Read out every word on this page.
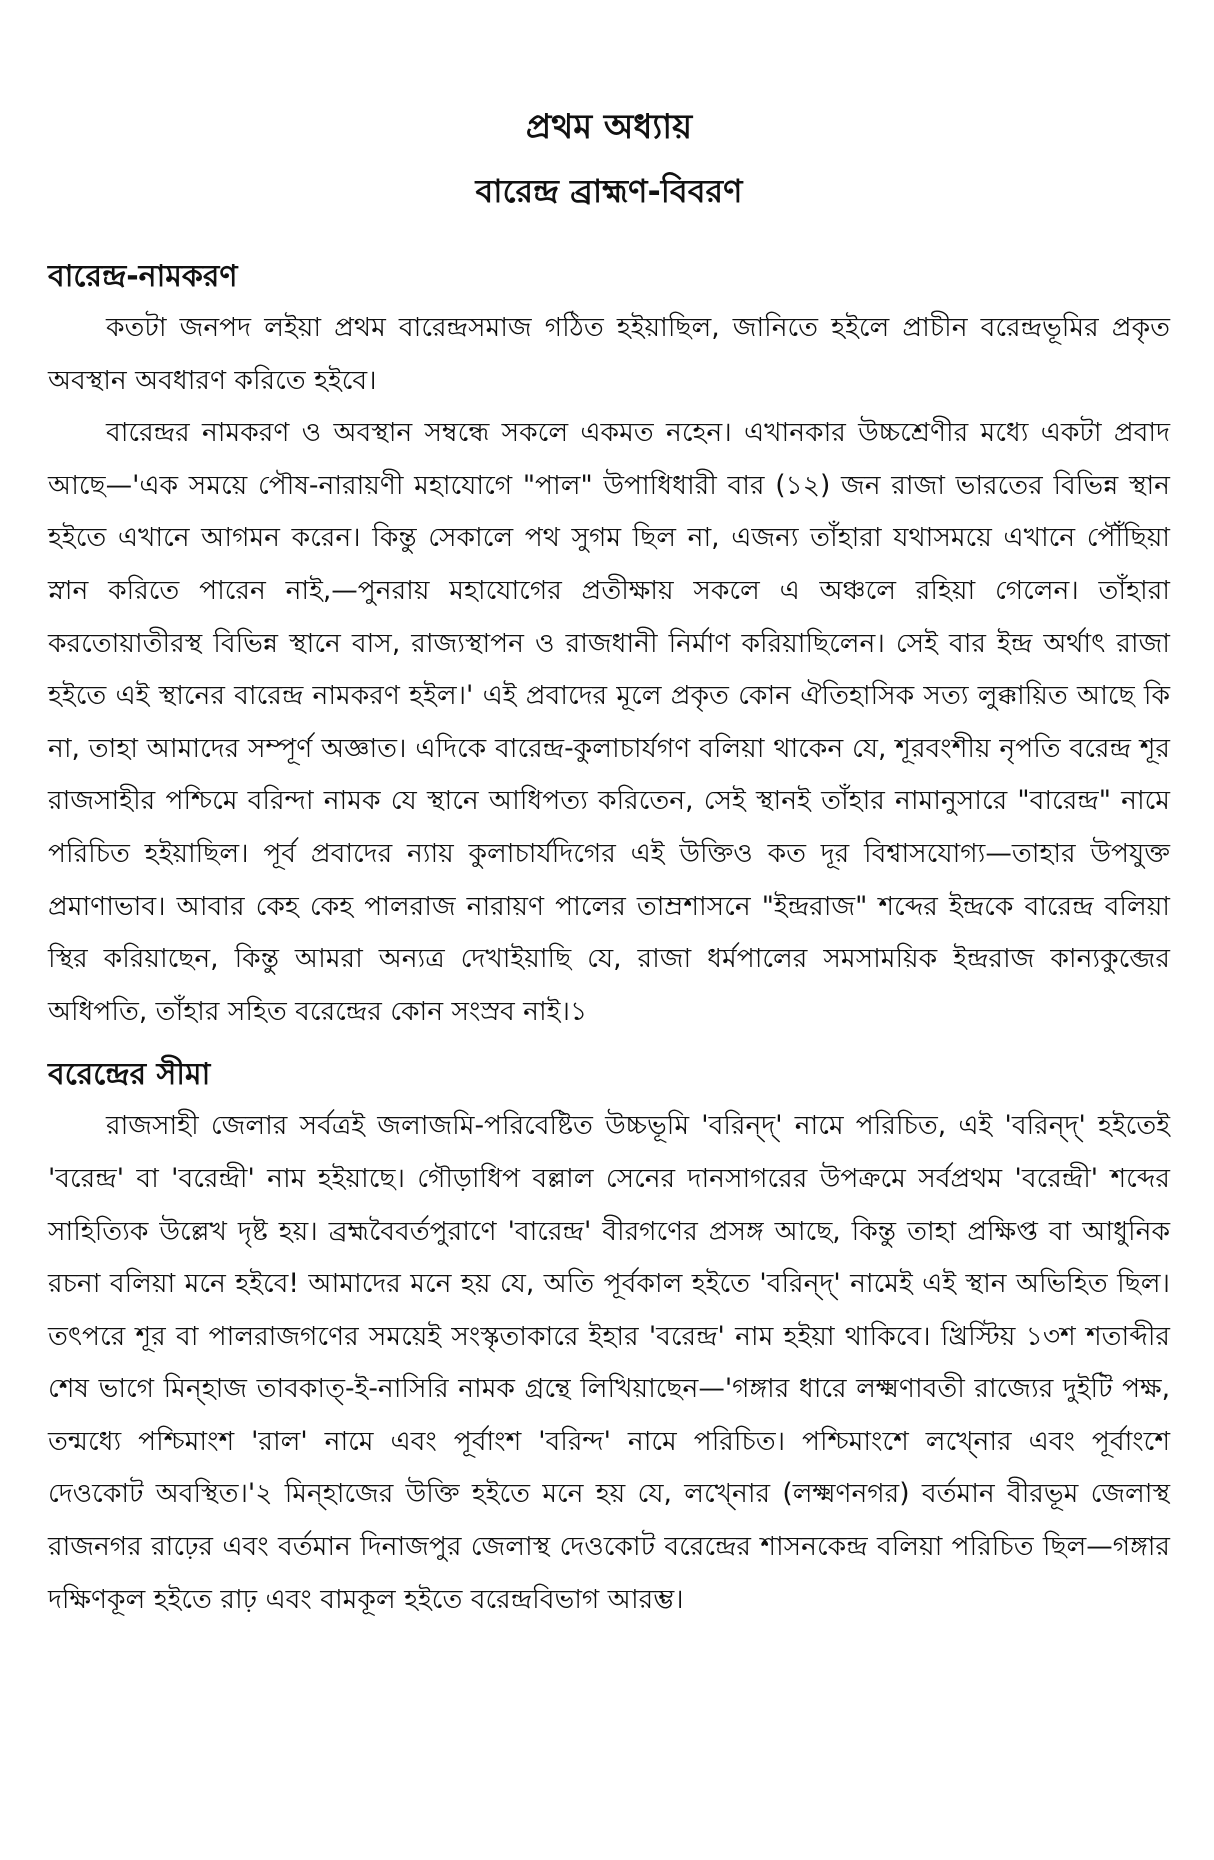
প্রথম অধ্যায়
বারেন্দ্র ব্রাহ্মণ-বিবরণ
বারেন্দ্র-নামকরণ

কতটা জনপদ লইয়া প্রথম বারেন্দ্রসমাজ গঠিত হইয়াছিল, জানিতে হইলে প্রাচীন বরেন্দ্রভূমির প্রকৃত অবস্থান অবধারণ করিতে হইবে।

বারেন্দ্রর নামকরণ ও অবস্থান সম্বন্ধে সকলে একমত নহেন। এখানকার উচ্চশ্রেণীর মধ্যে একটা প্রবাদ আছে—'এক সময়ে পৌষ-নারায়ণী মহাযোগে "পাল" উপাধিধারী বার (১২) জন রাজা ভারতের বিভিন্ন স্থান হইতে এখানে আগমন করেন। কিন্তু সেকালে পথ সুগম ছিল না, এজন্য তাঁহারা যথাসময়ে এখানে পৌঁছিয়া স্নান করিতে পারেন নাই,—পুনরায় মহাযোগের প্রতীক্ষায় সকলে এ অঞ্চলে রহিয়া গেলেন। তাঁহারা করতোয়াতীরস্থ বিভিন্ন স্থানে বাস, রাজ্যস্থাপন ও রাজধানী নির্মাণ করিয়াছিলেন। সেই বার ইন্দ্র অর্থাৎ রাজা হইতে এই স্থানের বারেন্দ্র নামকরণ হইল।' এই প্রবাদের মূলে প্রকৃত কোন ঐতিহাসিক সত্য লুক্কায়িত আছে কি না, তাহা আমাদের সম্পূর্ণ অজ্ঞাত। এদিকে বারেন্দ্র-কুলাচার্যগণ বলিয়া থাকেন যে, শূরবংশীয় নৃপতি বরেন্দ্র শূর রাজসাহীর পশ্চিমে বরিন্দা নামক যে স্থানে আধিপত্য করিতেন, সেই স্থানই তাঁহার নামানুসারে "বারেন্দ্র" নামে পরিচিত হইয়াছিল। পূর্ব প্রবাদের ন্যায় কুলাচার্যদিগের এই উক্তিও কত দূর বিশ্বাসযোগ্য—তাহার উপযুক্ত প্রমাণাভাব। আবার কেহ কেহ পালরাজ নারায়ণ পালের তাম্রশাসনে "ইন্দ্ররাজ" শব্দের ইন্দ্রকে বারেন্দ্র বলিয়া স্থির করিয়াছেন, কিন্তু আমরা অন্যত্র দেখাইয়াছি যে, রাজা ধর্মপালের সমসাময়িক ইন্দ্ররাজ কান্যকুব্জের অধিপতি, তাঁহার সহিত বরেন্দ্রের কোন সংস্রব নাই।১

বরেন্দ্রের সীমা

রাজসাহী জেলার সর্বত্রই জলাজমি-পরিবেষ্টিত উচ্চভূমি 'বরিন্দ্' নামে পরিচিত, এই 'বরিন্দ্' হইতেই 'বরেন্দ্র' বা 'বরেন্দ্রী' নাম হইয়াছে। গৌড়াধিপ বল্লাল সেনের দানসাগরের উপক্রমে সর্বপ্রথম 'বরেন্দ্রী' শব্দের সাহিত্যিক উল্লেখ দৃষ্ট হয়। ব্রহ্মবৈবর্তপুরাণে 'বারেন্দ্র' বীরগণের প্রসঙ্গ আছে, কিন্তু তাহা প্রক্ষিপ্ত বা আধুনিক রচনা বলিয়া মনে হইবে! আমাদের মনে হয় যে, অতি পূর্বকাল হইতে 'বরিন্দ্' নামেই এই স্থান অভিহিত ছিল। তৎপরে শূর বা পালরাজগণের সময়েই সংস্কৃতাকারে ইহার 'বরেন্দ্র' নাম হইয়া থাকিবে। খ্রিস্টিয় ১৩শ শতাব্দীর শেষ ভাগে মিন্হাজ তাবকাত্-ই-নাসিরি নামক গ্রন্থে লিখিয়াছেন—'গঙ্গার ধারে লক্ষ্মণাবতী রাজ্যের দুইটি পক্ষ, তন্মধ্যে পশ্চিমাংশ 'রাল' নামে এবং পূর্বাংশ 'বরিন্দ' নামে পরিচিত। পশ্চিমাংশে লখ্নোর এবং পূর্বাংশে দেওকোট অবস্থিত।'২ মিন্হাজের উক্তি হইতে মনে হয় যে, লখ্নোর (লক্ষ্মণনগর) বর্তমান বীরভূম জেলাস্থ রাজনগর রাঢ়ের এবং বর্তমান দিনাজপুর জেলাস্থ দেওকোট বরেন্দ্রের শাসনকেন্দ্র বলিয়া পরিচিত ছিল—গঙ্গার দক্ষিণকূল হইতে রাঢ় এবং বামকূল হইতে বরেন্দ্রবিভাগ আরম্ভ।
